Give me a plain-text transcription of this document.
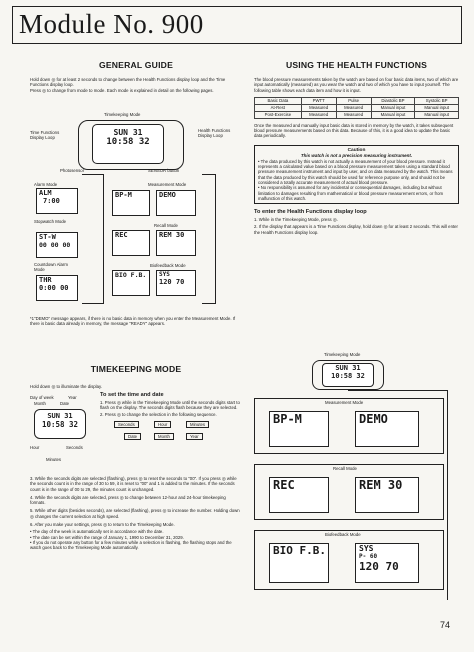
Module No. 900
GENERAL GUIDE
Hold down ◎ for at least 2 seconds to change between the Health Functions display loop and the Time Functions display loop.
Press ◎ to change from mode to mode. Each mode is explained in detail on the following pages.
Timekeeping Mode
Time Functions Display Loop
Health Functions Display Loop
SUN 31
10:58 32
Photosensor	SENSOR button
Alarm Mode
ALM
7:00
Stopwatch Mode
ST-W
00 00 00
Countdown Alarm Mode
THR
0:00 00
Measurement Mode
BP-M	DEMO
Recall Mode
REC	REM 30
Biofeedback Mode
BIO F.B.	SYS
120 70
*1"DEMO" message appears, if there is no basic data in memory when you enter the Measurement Mode. If there is basic data already in memory, the message "READY" appears.
TIMEKEEPING MODE
Hold down ◎ to illuminate the display.
Day of week	Year
Month	Date
SUN 31
10:58 32
Hour	Seconds
Minutes
To set the time and date
1. Press ◎ while in the Timekeeping Mode until the seconds digits start to flash on the display. The seconds digits flash because they are selected.
2. Press ◎ to change the selection in the following sequence.
Seconds	Hour	Minutes
Date	Month	Year
3. While the seconds digits are selected (flashing), press ◎ to reset the seconds to "00". If you press ◎ while the seconds count is in the range of 30 to 59, it is reset to "00" and 1 is added to the minutes. If the seconds count is in the range of 00 to 29, the minutes count is unchanged.
4. While the seconds digits are selected, press ◎ to change between 12-hour and 24-hour timekeeping formats.
5. While other digits (besides seconds), are selected (flashing), press ◎ to increase the number. Holding down ◎ changes the current selection at high speed.
6. After you make your settings, press ◎ to return to the Timekeeping Mode.
• The day of the week is automatically set in accordance with the date.
• The date can be set within the range of January 1, 1990 to December 31, 2029.
• If you do not operate any button for a few minutes while a selection is flashing, the flashing stops and the watch goes back to the Timekeeping Mode automatically.
USING THE HEALTH FUNCTIONS
The blood pressure measurements taken by the watch are based on four basic data items, two of which are input automatically (measured) as you wear the watch and two of which you have to input yourself. The following table shows each data item and how it is input.
Basic Data	PWTT	Pulse	Diastolic BP	Systolic BP
At-Rest	Measured	Measured	Manual input	Manual input
Post-Exercise	Measured	Measured	Manual input	Manual input
Once the measured and manually input basic data is stored in memory by the watch, it takes subsequent blood pressure measurements based on this data. Because of this, it is a good idea to update the basic data periodically.
Caution
This watch is not a precision measuring instrument.
• The data produced by this watch is not actually a measurement of your blood pressure. Instead it represents a calculated value based on a blood pressure measurement taken using a standard blood pressure measurement instrument and input by user, and on data measured by the watch. This means that the data produced by this watch should be used for reference purpose only, and should not be considered a totally accurate measurement of actual blood pressure.
• No responsibility is assumed for any incidental or consequential damages, including but without limitation to damages resulting from mathematical or blood pressure measurement errors, or from malfunction of this watch.
To enter the Health Functions display loop
1. While in the Timekeeping Mode, press ◎.
2. If the display that appears is a Time Functions display, hold down ◎ for at least 2 seconds. This will enter the Health Functions display loop.
Timekeeping Mode
SUN 31
10:58 32
Measurement Mode
BP-M	DEMO
Recall Mode
REC	REM 30
Biofeedback Mode
BIO F.B.	SYS
P- 60
120 70
74
